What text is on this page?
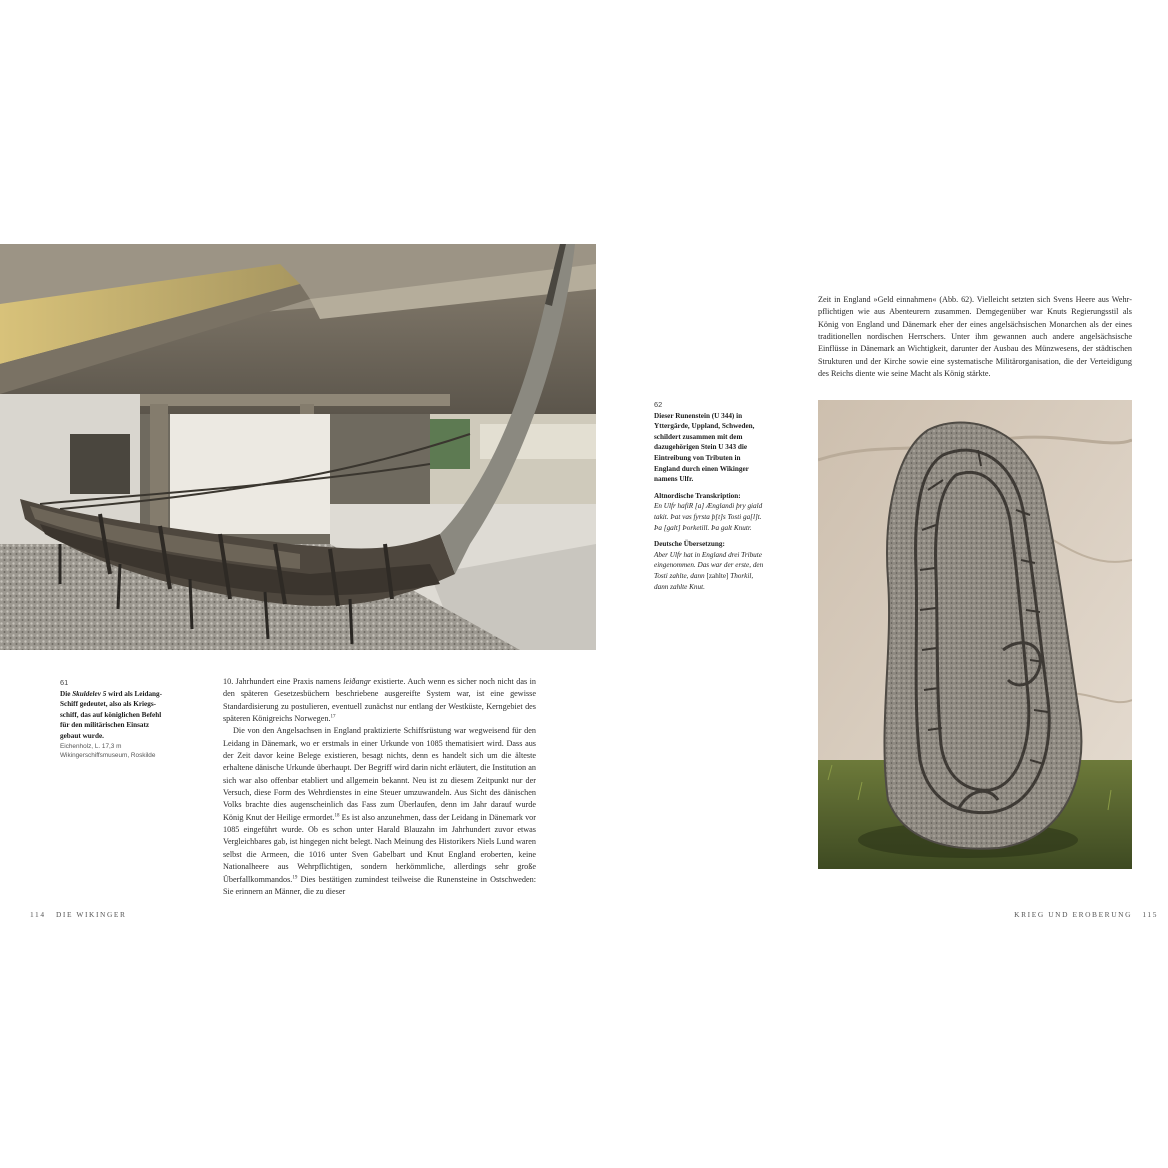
61
Die Skuldelev 5 wird als Leidang-Schiff gedeutet, also als Kriegsschiff, das auf königlichen Befehl für den militärischen Einsatz gebaut wurde.
Eichenholz, L. 17,3 m
Wikingerschiffsmuseum, Roskilde

10. Jahrhundert eine Praxis namens leiðangr existierte. Auch wenn es sicher noch nicht das in den späteren Gesetzesbüchern beschriebene ausgereifte System war, ist eine gewisse Standardisierung zu postulieren, eventuell zunächst nur entlang der Westküste, Kerngebiet des späteren Königreichs Norwegen.$^{17}$

Die von den Angelsachsen in England praktizierte Schiffsrüstung war wegweisend für den Leidang in Dänemark, wo er erstmals in einer Urkunde von 1085 thematisiert wird. Dass aus der Zeit davor keine Belege existieren, besagt nichts, denn es handelt sich um die älteste erhaltene dänische Urkunde überhaupt. Der Begriff wird darin nicht erläutert, die Institution an sich war also offenbar etabliert und allgemein bekannt. Neu ist zu diesem Zeitpunkt nur der Versuch, diese Form des Wehrdienstes in eine Steuer umzuwandeln. Aus Sicht des dänischen Volks brachte dies augenscheinlich das Fass zum Überlaufen, denn im Jahr darauf wurde König Knut der Heilige ermordet.$^{18}$ Es ist also anzunehmen, dass der Leidang in Dänemark vor 1085 eingeführt wurde. Ob es schon unter Harald Blauzahn im Jahrhundert zuvor etwas Vergleichbares gab, ist hingegen nicht belegt. Nach Meinung des Historikers Niels Lund waren selbst die Armeen, die 1016 unter Sven Gabelbart und Knut England eroberten, keine Nationalheere aus Wehrpflichtigen, sondern herkömmliche, allerdings sehr große Überfallkommandos.$^{19}$ Dies bestätigen zumindest teilweise die Runensteine in Ostschweden: Sie erinnern an Männer, die zu dieser

114 DIE WIKINGER

Zeit in England »Geld einnahmen« (Abb. 62). Vielleicht setzten sich Svens Heere aus Wehrpflichtigen wie aus Abenteurern zusammen. Demgegenüber war Knuts Regierungsstil als König von England und Dänemark eher der eines angelsächsischen Monarchen als der eines traditionellen nordischen Herrschers. Unter ihm gewannen auch andere angelsächsische Einflüsse in Dänemark an Wichtigkeit, darunter der Ausbau des Münzwesens, der städtischen Strukturen und der Kirche sowie eine systematische Militärorganisation, die der Verteidigung des Reichs diente wie seine Macht als König stärkte.

62
Dieser Runenstein (U 344) in Yttergärde, Uppland, Schweden, schildert zusammen mit dem dazugehörigen Stein U 343 die Eintreibung von Tributen in England durch einen Wikinger namens Ulfr.
Altnordische Transkription:
En Ulfr hafiR [a] Ænglandi þry giald takit. Þat vas fyrsta þ[t]s Tosti ga[l]t. Þa [galt] Þorketill. Þa galt Knutr.
Deutsche Übersetzung:
Aber Ulfr hat in England drei Tribute eingenommen. Das war der erste, den Tosti zahlte, dann [zahlte] Thorkil, dann zahlte Knut.
KRIEG UND EROBERUNG 115
